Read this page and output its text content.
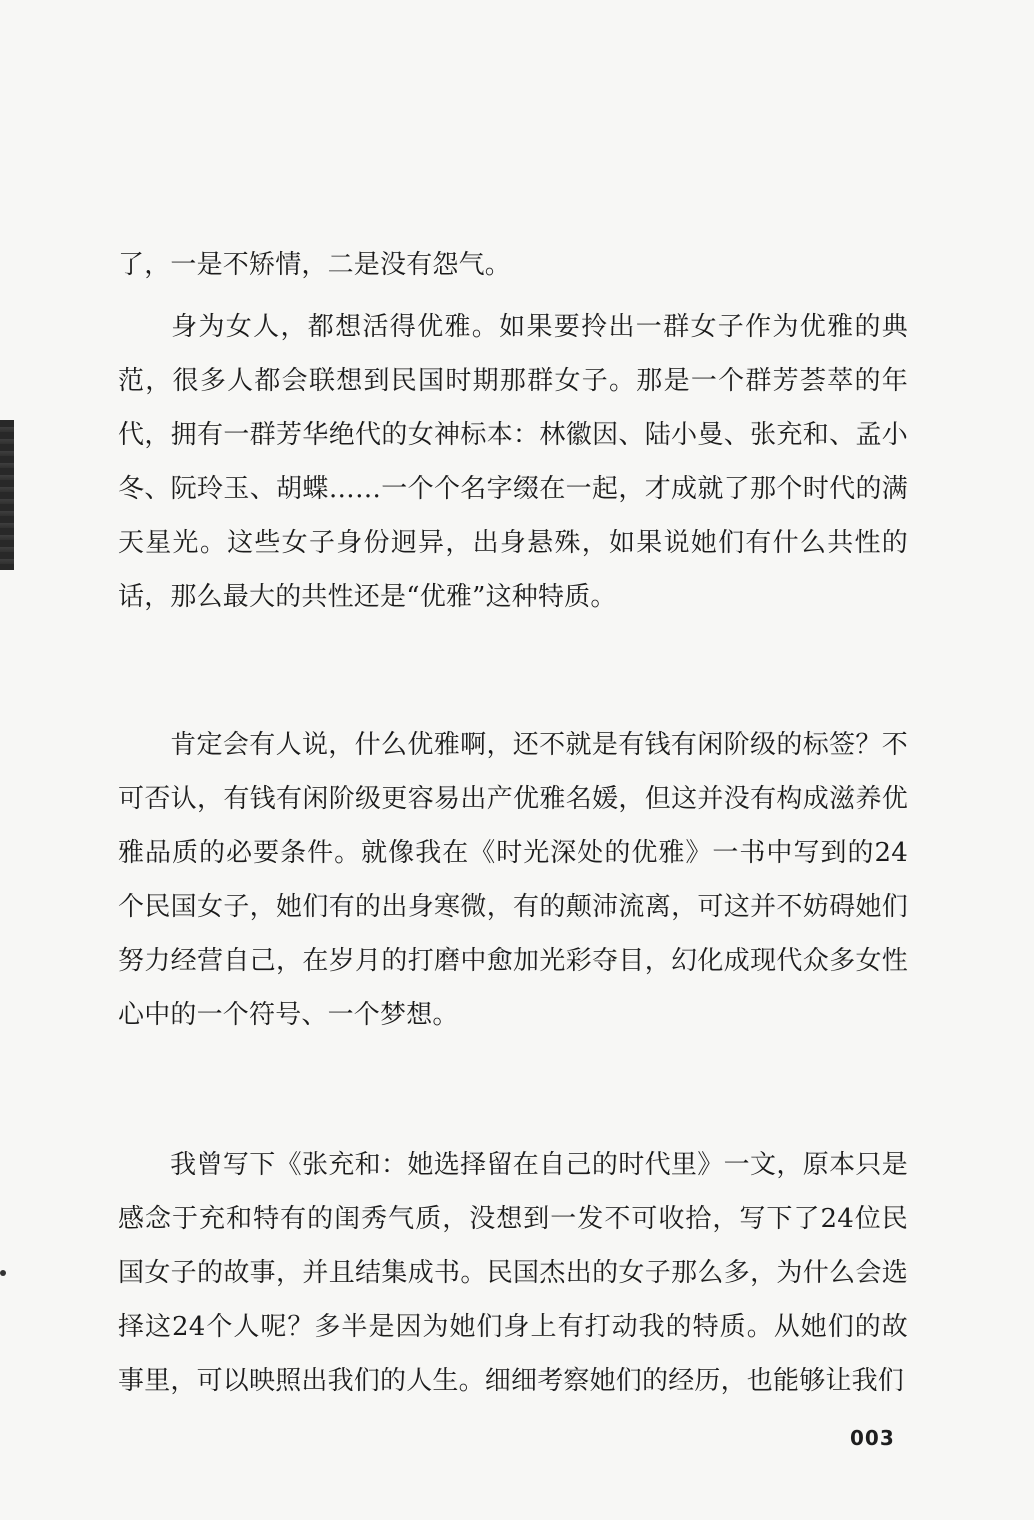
了，一是不矫情，二是没有怨气。

身为女人，都想活得优雅。如果要拎出一群女子作为优雅的典范，很多人都会联想到民国时期那群女子。那是一个群芳荟萃的年代，拥有一群芳华绝代的女神标本：林徽因、陆小曼、张充和、孟小冬、阮玲玉、胡蝶……一个个名字缀在一起，才成就了那个时代的满天星光。这些女子身份迥异，出身悬殊，如果说她们有什么共性的话，那么最大的共性还是“优雅”这种特质。

肯定会有人说，什么优雅啊，还不就是有钱有闲阶级的标签？不可否认，有钱有闲阶级更容易出产优雅名媛，但这并没有构成滋养优雅品质的必要条件。就像我在《时光深处的优雅》一书中写到的24个民国女子，她们有的出身寒微，有的颠沛流离，可这并不妨碍她们努力经营自己，在岁月的打磨中愈加光彩夺目，幻化成现代众多女性心中的一个符号、一个梦想。

我曾写下《张充和：她选择留在自己的时代里》一文，原本只是感念于充和特有的闺秀气质，没想到一发不可收拾，写下了24位民国女子的故事，并且结集成书。民国杰出的女子那么多，为什么会选择这24个人呢？多半是因为她们身上有打动我的特质。从她们的故事里，可以映照出我们的人生。细细考察她们的经历，也能够让我们

003
